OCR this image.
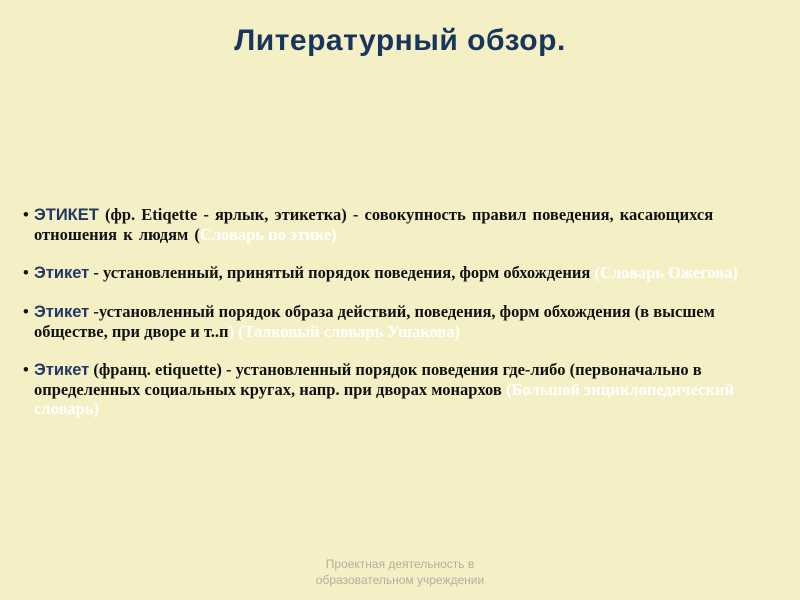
Литературный обзор.
• ЭТИКЕТ (фр. Etiqette - ярлык, этикетка) - совокупность правил поведения, касающихся отношения к людям (Словарь по этике)
• Этикет - установленный, принятый порядок поведения, форм обхождения (Словарь Ожегова)
• Этикет -установленный порядок образа действий, поведения, форм обхождения (в высшем обществе, при дворе и т..п) (Толковый словарь Ушакова)
• Этикет (франц. etiquette) - установленный порядок поведения где-либо (первоначально в определенных социальных кругах, напр. при дворах монархов (Большой энциклопедический словарь)
Проектная деятельность в образовательном учреждении
